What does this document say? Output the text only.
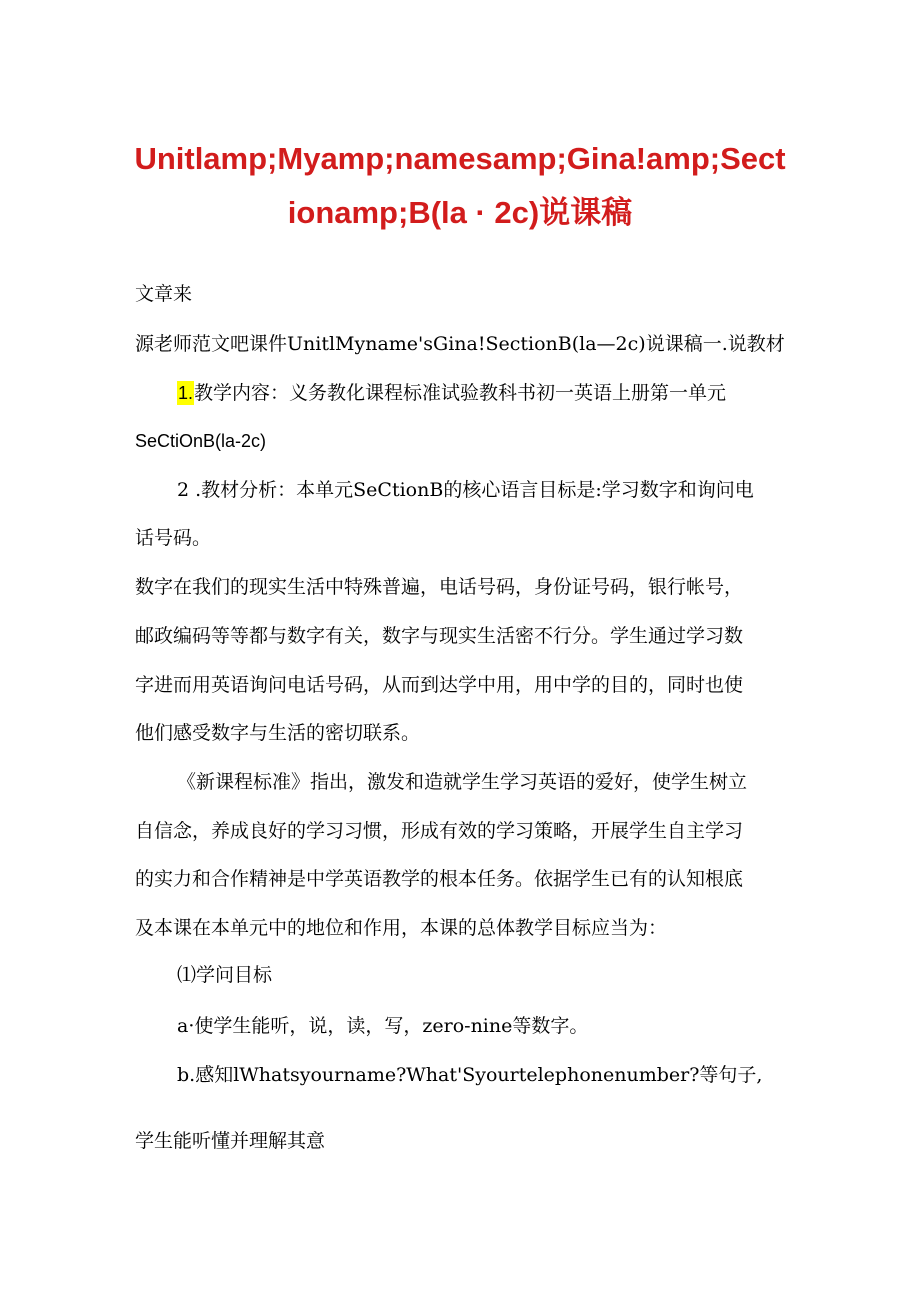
Unitlamp;Myamp;namesamp;Gina!amp;Sect
ionamp;B(la · 2c)说课稿
文章来
源老师范文吧课件UnitlMyname'sGina!SectionB(la—2c)说课稿一.说教材
1.教学内容：义务教化课程标准试验教科书初一英语上册第一单元
SeCtiOnB(la-2c)
2 .教材分析：本单元SeCtionB的核心语言目标是:学习数字和询问电
话号码。
数字在我们的现实生活中特殊普遍，电话号码，身份证号码，银行帐号，
邮政编码等等都与数字有关，数字与现实生活密不行分。学生通过学习数
字进而用英语询问电话号码，从而到达学中用，用中学的目的，同时也使
他们感受数字与生活的密切联系。
《新课程标准》指出，激发和造就学生学习英语的爱好，使学生树立
自信念，养成良好的学习习惯，形成有效的学习策略，开展学生自主学习
的实力和合作精神是中学英语教学的根本任务。依据学生已有的认知根底
及本课在本单元中的地位和作用，本课的总体教学目标应当为：
⑴学问目标
a·使学生能听，说，读，写，zero-nine等数字。
b.感知lWhatsyourname?What'Syourtelephonenumber?等句子,
学生能听懂并理解其意
